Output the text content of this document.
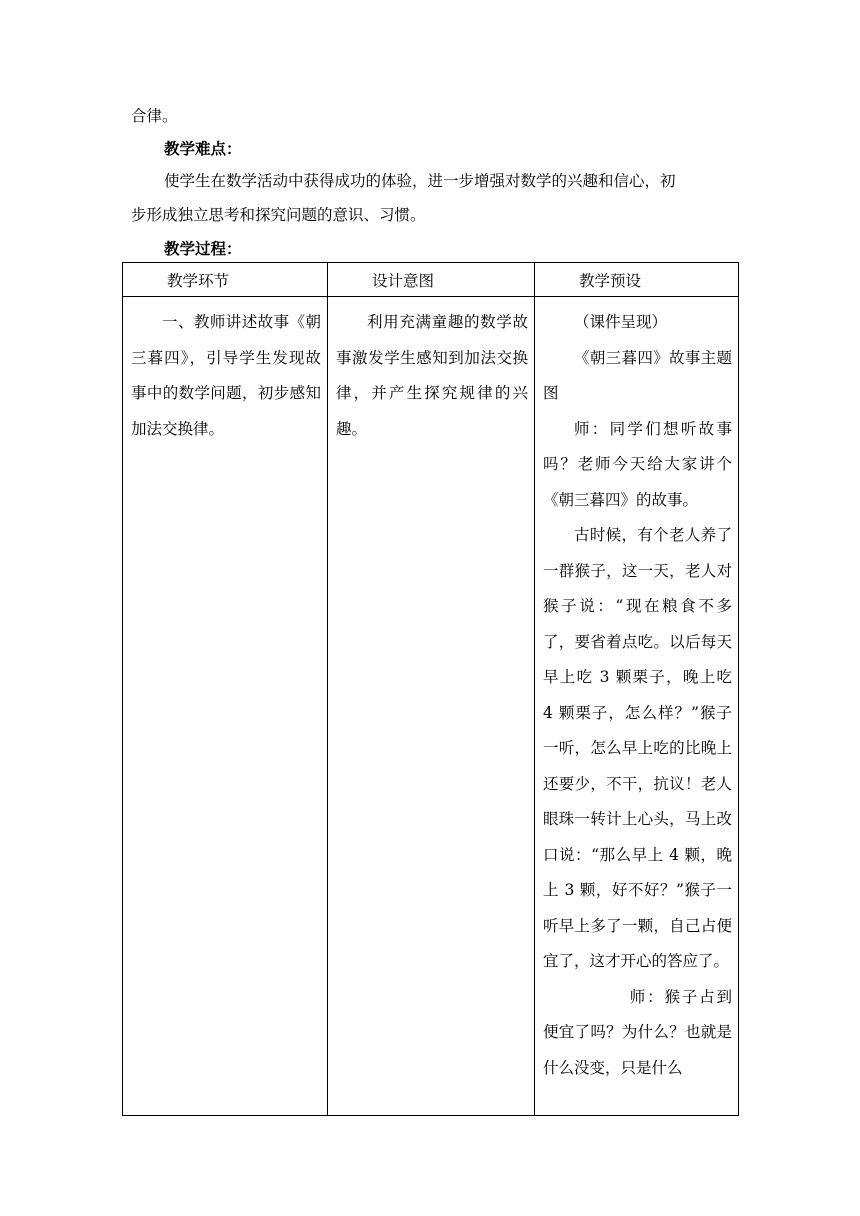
合律。
教学难点：
使学生在数学活动中获得成功的体验，进一步增强对数学的兴趣和信心，初
步形成独立思考和探究问题的意识、习惯。
教学过程：
教学环节	设计意图	教学预设

一、教师讲述故事《朝三暮四》，引导学生发现故事中的数学问题，初步感知加法交换律。	利用充满童趣的数学故事激发学生感知到加法交换律，并产生探究规律的兴趣。	（课件呈现）
《朝三暮四》故事主题图
师：同学们想听故事吗？老师今天给大家讲个《朝三暮四》的故事。
古时候，有个老人养了一群猴子，这一天，老人对猴子说：“现在粮食不多了，要省着点吃。以后每天早上吃 3 颗栗子，晚上吃 4 颗栗子，怎么样？”猴子一听，怎么早上吃的比晚上还要少，不干，抗议！老人眼珠一转计上心头，马上改口说：“那么早上 4 颗，晚上 3 颗，好不好？”猴子一听早上多了一颗，自己占便宜了，这才开心的答应了。
师：猴子占到便宜了吗？为什么？也就是什么没变，只是什么
